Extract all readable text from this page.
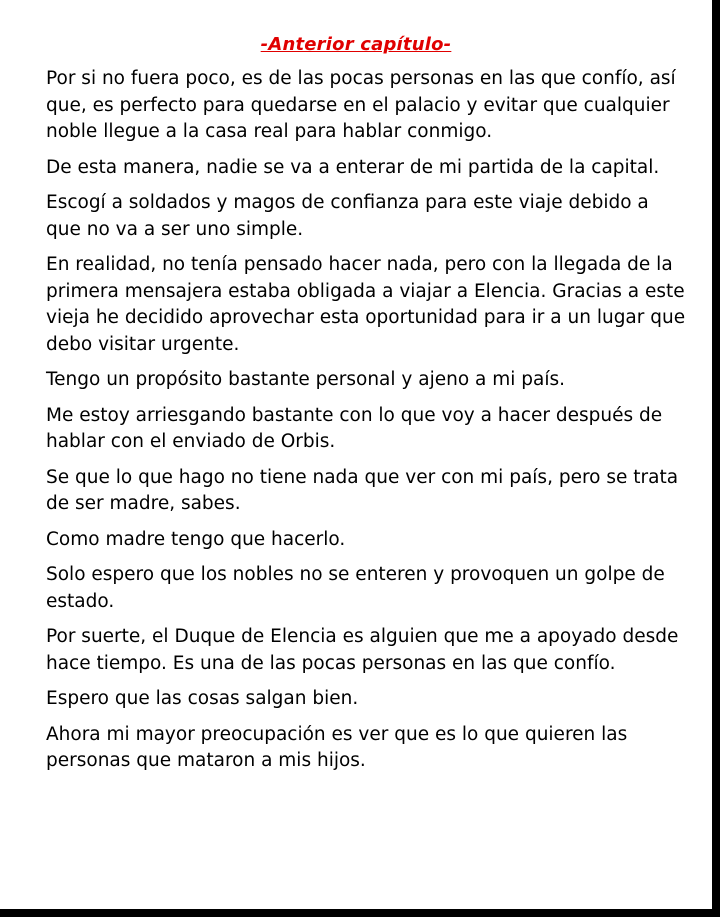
-Anterior capítulo-

Por si no fuera poco, es de las pocas personas en las que confío, así que, es perfecto para quedarse en el palacio y evitar que cualquier noble llegue a la casa real para hablar conmigo.

De esta manera, nadie se va a enterar de mi partida de la capital.

Escogí a soldados y magos de confianza para este viaje debido a que no va a ser uno simple.

En realidad, no tenía pensado hacer nada, pero con la llegada de la primera mensajera estaba obligada a viajar a Elencia. Gracias a este vieja he decidido aprovechar esta oportunidad para ir a un lugar que debo visitar urgente.

Tengo un propósito bastante personal y ajeno a mi país.

Me estoy arriesgando bastante con lo que voy a hacer después de hablar con el enviado de Orbis.

Se que lo que hago no tiene nada que ver con mi país, pero se trata de ser madre, sabes.

Como madre tengo que hacerlo.

Solo espero que los nobles no se enteren y provoquen un golpe de estado.

Por suerte, el Duque de Elencia es alguien que me a apoyado desde hace tiempo. Es una de las pocas personas en las que confío.

Espero que las cosas salgan bien.

Ahora mi mayor preocupación es ver que es lo que quieren las personas que mataron a mis hijos.
